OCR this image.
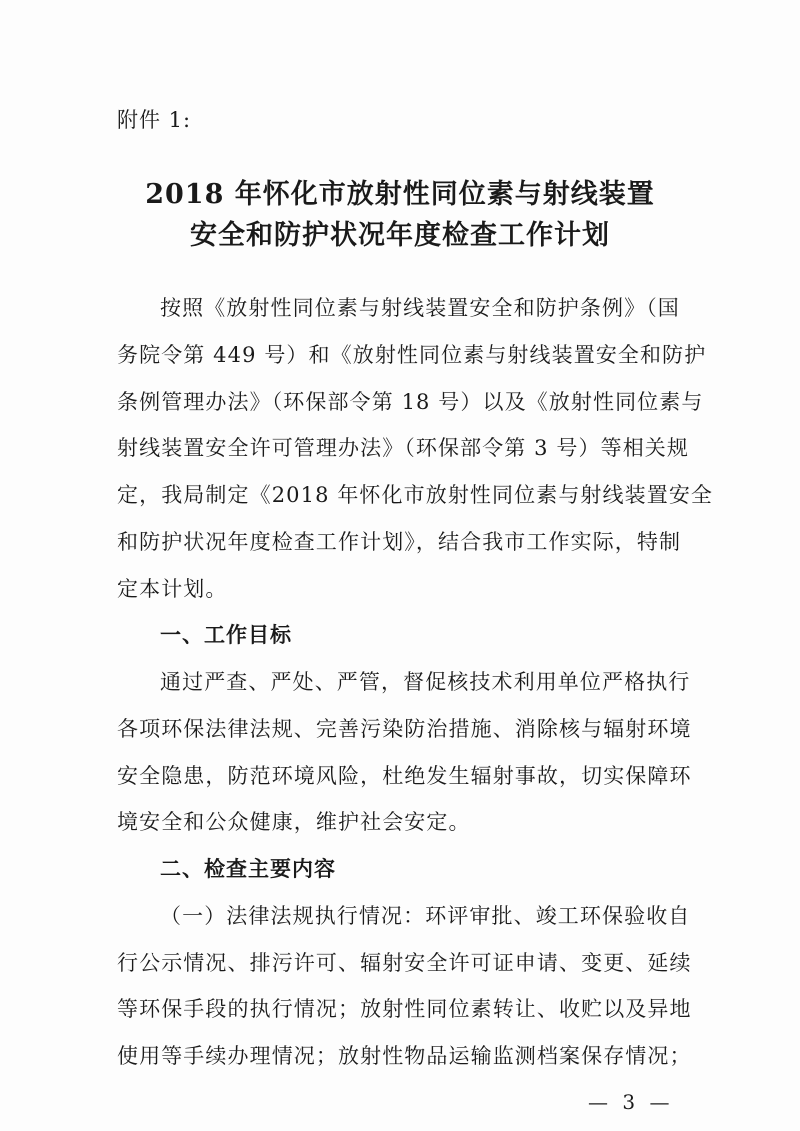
附件 1:
2018 年怀化市放射性同位素与射线装置
安全和防护状况年度检查工作计划
按照《放射性同位素与射线装置安全和防护条例》（国
务院令第 449 号）和《放射性同位素与射线装置安全和防护
条例管理办法》（环保部令第 18 号）以及《放射性同位素与
射线装置安全许可管理办法》（环保部令第 3 号）等相关规
定，我局制定《2018 年怀化市放射性同位素与射线装置安全
和防护状况年度检查工作计划》，结合我市工作实际，特制
定本计划。
一、工作目标
通过严查、严处、严管，督促核技术利用单位严格执行
各项环保法律法规、完善污染防治措施、消除核与辐射环境
安全隐患，防范环境风险，杜绝发生辐射事故，切实保障环
境安全和公众健康，维护社会安定。
二、检查主要内容
（一）法律法规执行情况：环评审批、竣工环保验收自
行公示情况、排污许可、辐射安全许可证申请、变更、延续
等环保手段的执行情况；放射性同位素转让、收贮以及异地
使用等手续办理情况；放射性物品运输监测档案保存情况；
— 3 —
